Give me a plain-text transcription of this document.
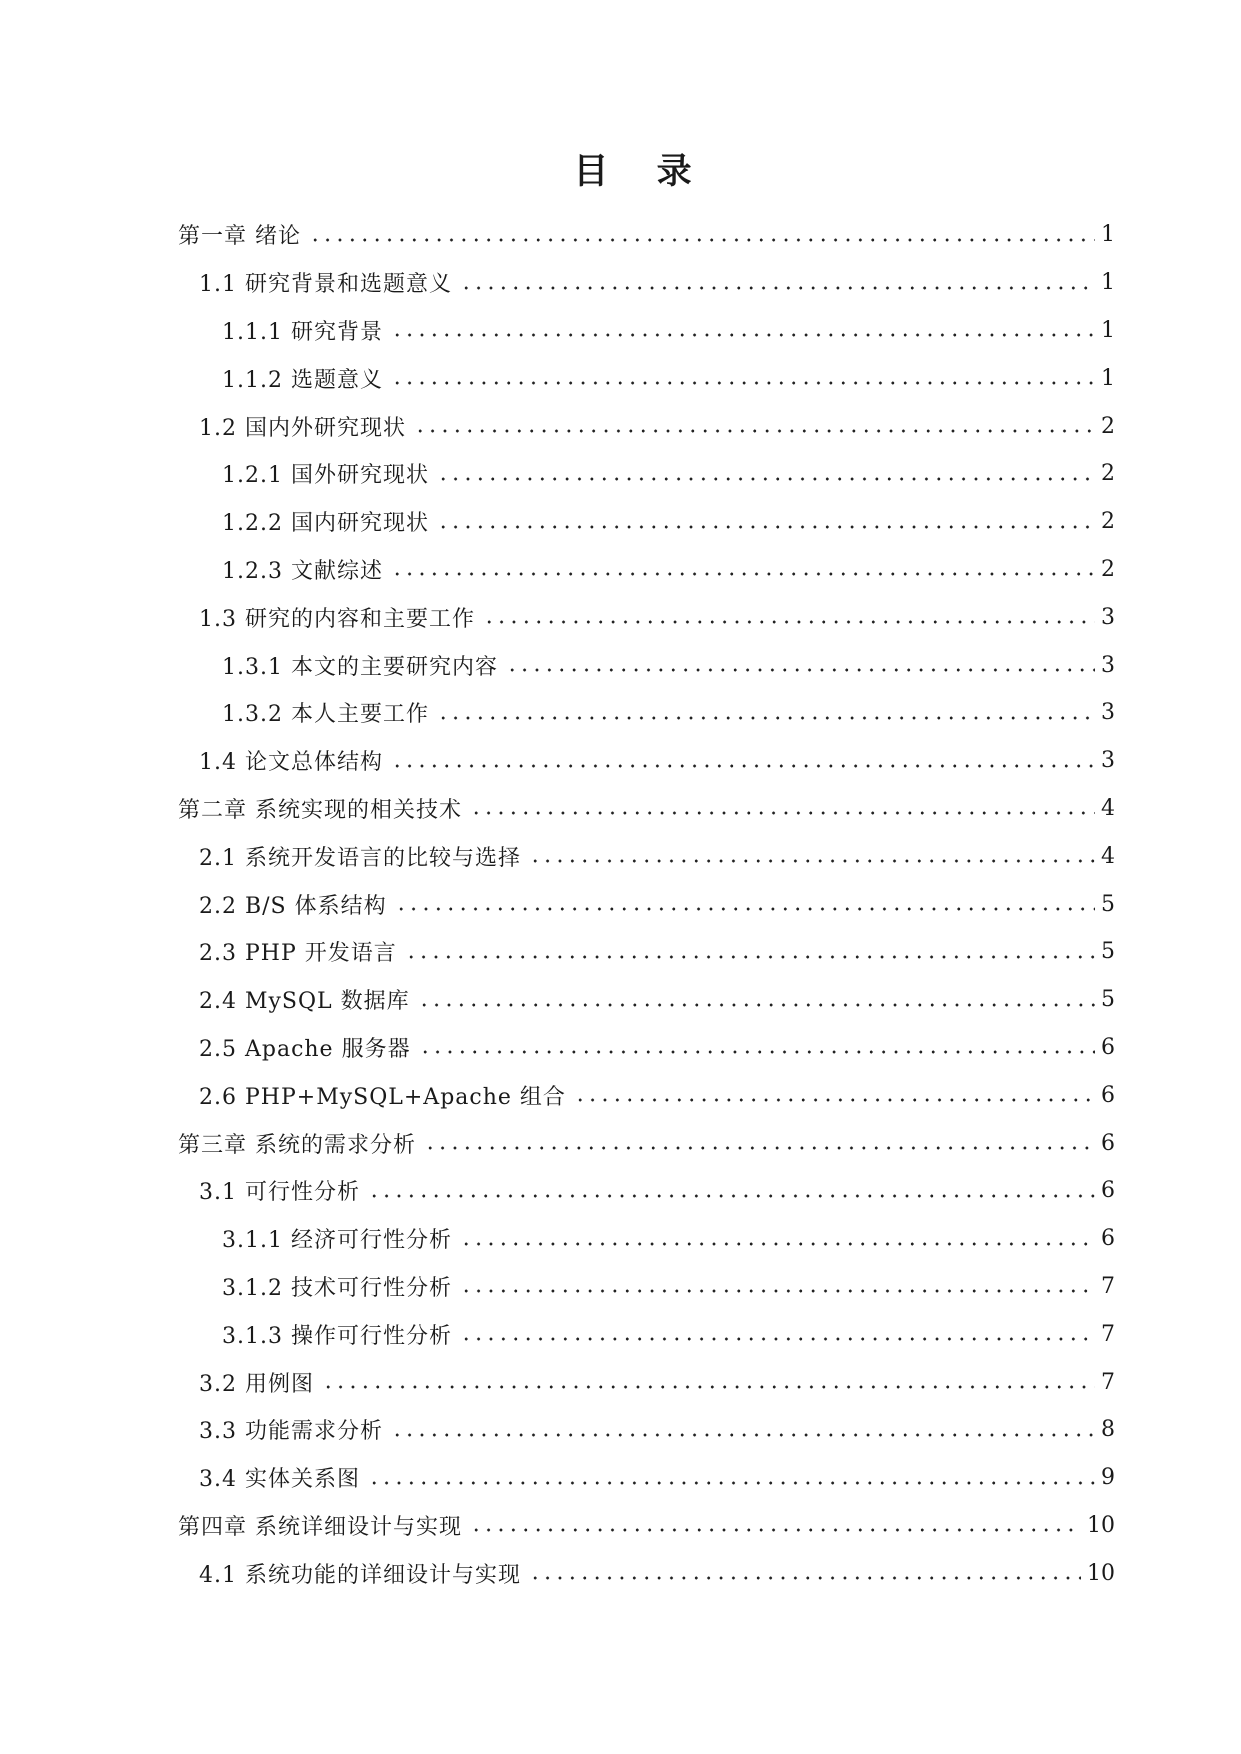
目 录
第一章 绪论	1
1.1 研究背景和选题意义	1
1.1.1 研究背景	1
1.1.2 选题意义	1
1.2 国内外研究现状	2
1.2.1 国外研究现状	2
1.2.2 国内研究现状	2
1.2.3 文献综述	2
1.3 研究的内容和主要工作	3
1.3.1 本文的主要研究内容	3
1.3.2 本人主要工作	3
1.4 论文总体结构	3
第二章 系统实现的相关技术	4
2.1 系统开发语言的比较与选择	4
2.2 B/S 体系结构	5
2.3 PHP 开发语言	5
2.4 MySQL 数据库	5
2.5 Apache 服务器	6
2.6 PHP+MySQL+Apache 组合	6
第三章 系统的需求分析	6
3.1 可行性分析	6
3.1.1 经济可行性分析	6
3.1.2 技术可行性分析	7
3.1.3 操作可行性分析	7
3.2 用例图	7
3.3 功能需求分析	8
3.4 实体关系图	9
第四章 系统详细设计与实现	10
4.1 系统功能的详细设计与实现	10
